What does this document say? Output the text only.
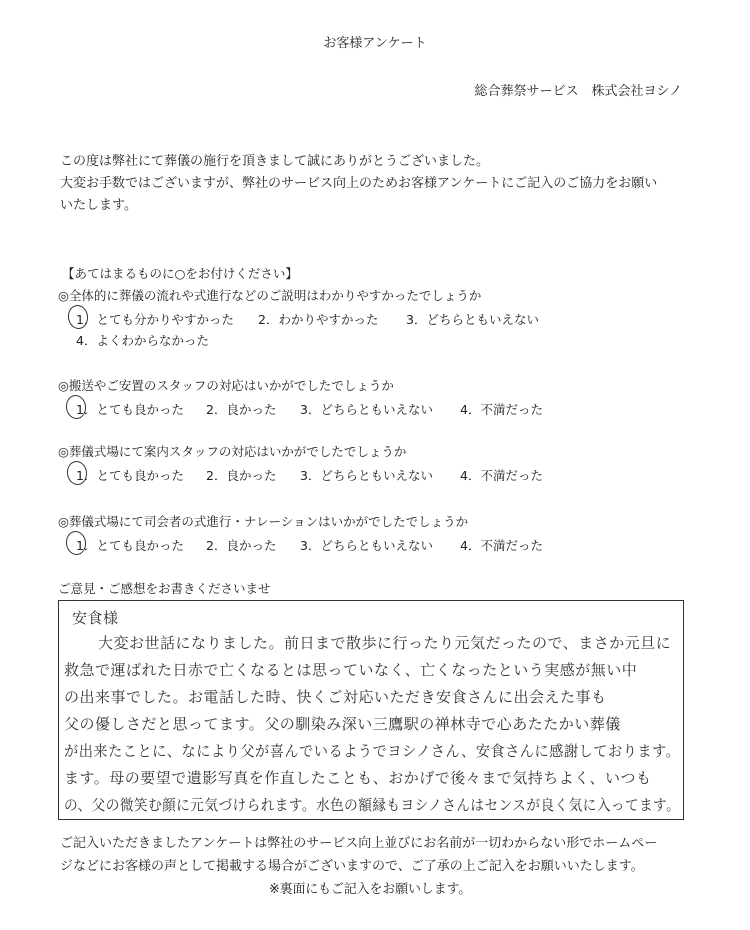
お客様アンケート
総合葬祭サービス　株式会社ヨシノ
この度は弊社にて葬儀の施行を頂きまして誠にありがとうございました。
大変お手数ではございますが、弊社のサービス向上のためお客様アンケートにご記入のご協力をお願い
いたします。
【あてはまるものに○をお付けください】
◎全体的に葬儀の流れや式進行などのご説明はわかりやすかったでしょうか
1．とても分かりやすかった 2．わかりやすかった 3．どちらともいえない
4．よくわからなかった
◎搬送やご安置のスタッフの対応はいかがでしたでしょうか
1．とても良かった 2．良かった 3．どちらともいえない 4．不満だった
◎葬儀式場にて案内スタッフの対応はいかがでしたでしょうか
1．とても良かった 2．良かった 3．どちらともいえない 4．不満だった
◎葬儀式場にて司会者の式進行・ナレーションはいかがでしたでしょうか
1．とても良かった 2．良かった 3．どちらともいえない 4．不満だった
ご意見・ご感想をお書きくださいませ
安食様
大変お世話になりました。前日まで散歩に行ったり元気だったので、まさか元旦に
救急で運ばれた日赤で亡くなるとは思っていなく、亡くなったという実感が無い中
の出来事でした。お電話した時、快くご対応いただき安食さんに出会えた事も
父の優しさだと思ってます。父の馴染み深い三鷹駅の禅林寺で心あたたかい葬儀
が出来たことに、なにより父が喜んでいるようでヨシノさん、安食さんに感謝しております。
ます。母の要望で遺影写真を作直したことも、おかげで後々まで気持ちよく、いつも
の、父の微笑む顔に元気づけられます。水色の額縁もヨシノさんはセンスが良く気に入ってます。
ご記入いただきましたアンケートは弊社のサービス向上並びにお名前が一切わからない形でホームペー
ジなどにお客様の声として掲載する場合がございますので、ご了承の上ご記入をお願いいたします。
※裏面にもご記入をお願いします。
